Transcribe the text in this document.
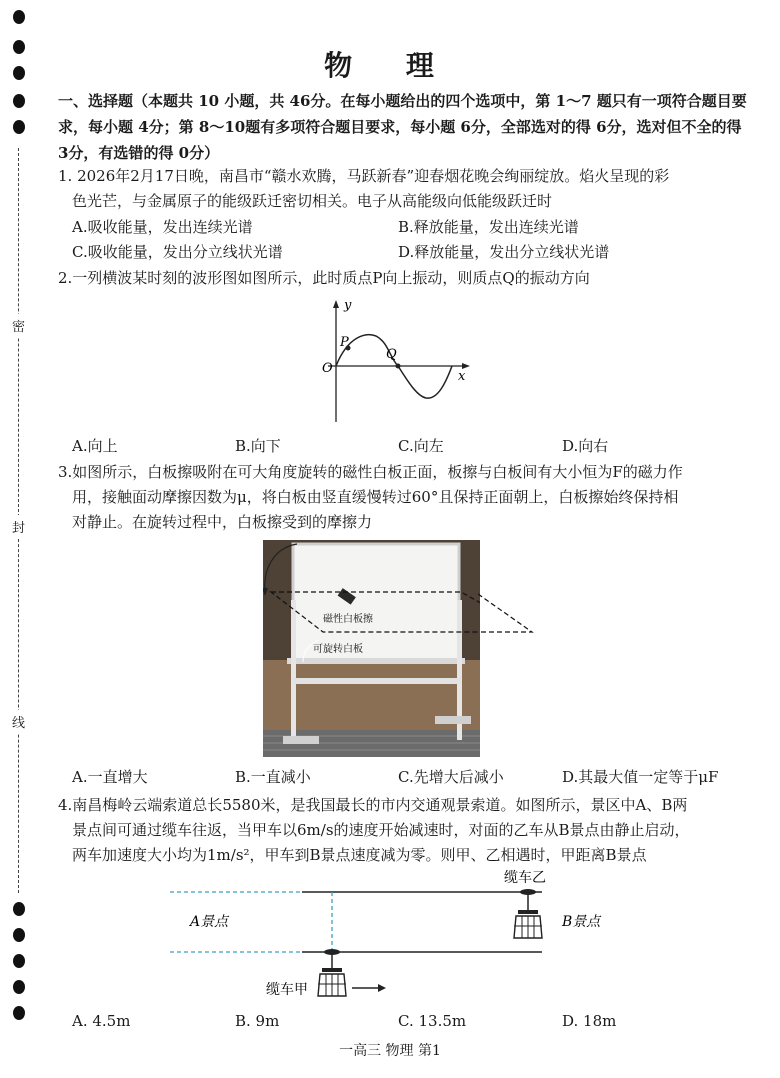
密
封
线
物 理
一、选择题（本题共 10 小题，共 46分。在每小题给出的四个选项中，第 1～7 题只有一项符合题目要求，每小题 4分；第 8～10题有多项符合题目要求，每小题 6分，全部选对的得 6分，选对但不全的得 3分，有选错的得 0分）
1. 2026年2月17日晚，南昌市“赣水欢腾，马跃新春”迎春烟花晚会绚丽绽放。焰火呈现的彩
色光芒，与金属原子的能级跃迁密切相关。电子从高能级向低能级跃迁时
A.吸收能量，发出连续光谱	B.释放能量，发出连续光谱
C.吸收能量，发出分立线状光谱	D.释放能量，发出分立线状光谱
2.一列横波某时刻的波形图如图所示，此时质点P向上振动，则质点Q的振动方向
y
x
O
P
Q
A.向上	B.向下	C.向左	D.向右
3.如图所示，白板擦吸附在可大角度旋转的磁性白板正面，板擦与白板间有大小恒为F的磁力作
用，接触面动摩擦因数为μ，将白板由竖直缓慢转过60°且保持正面朝上，白板擦始终保持相
对静止。在旋转过程中，白板擦受到的摩擦力
磁性白板擦
可旋转白板
A.一直增大	B.一直减小	C.先增大后减小	D.其最大值一定等于μF
4.南昌梅岭云端索道总长5580米，是我国最长的市内交通观景索道。如图所示，景区中A、B两
景点间可通过缆车往返，当甲车以6m/s的速度开始减速时，对面的乙车从B景点由静止启动，
两车加速度大小均为1m/s²，甲车到B景点速度减为零。则甲、乙相遇时，甲距离B景点
缆车乙
缆车甲
A景点	B景点
A. 4.5m	B. 9m	C. 13.5m	D. 18m
一高三 物理 第1
